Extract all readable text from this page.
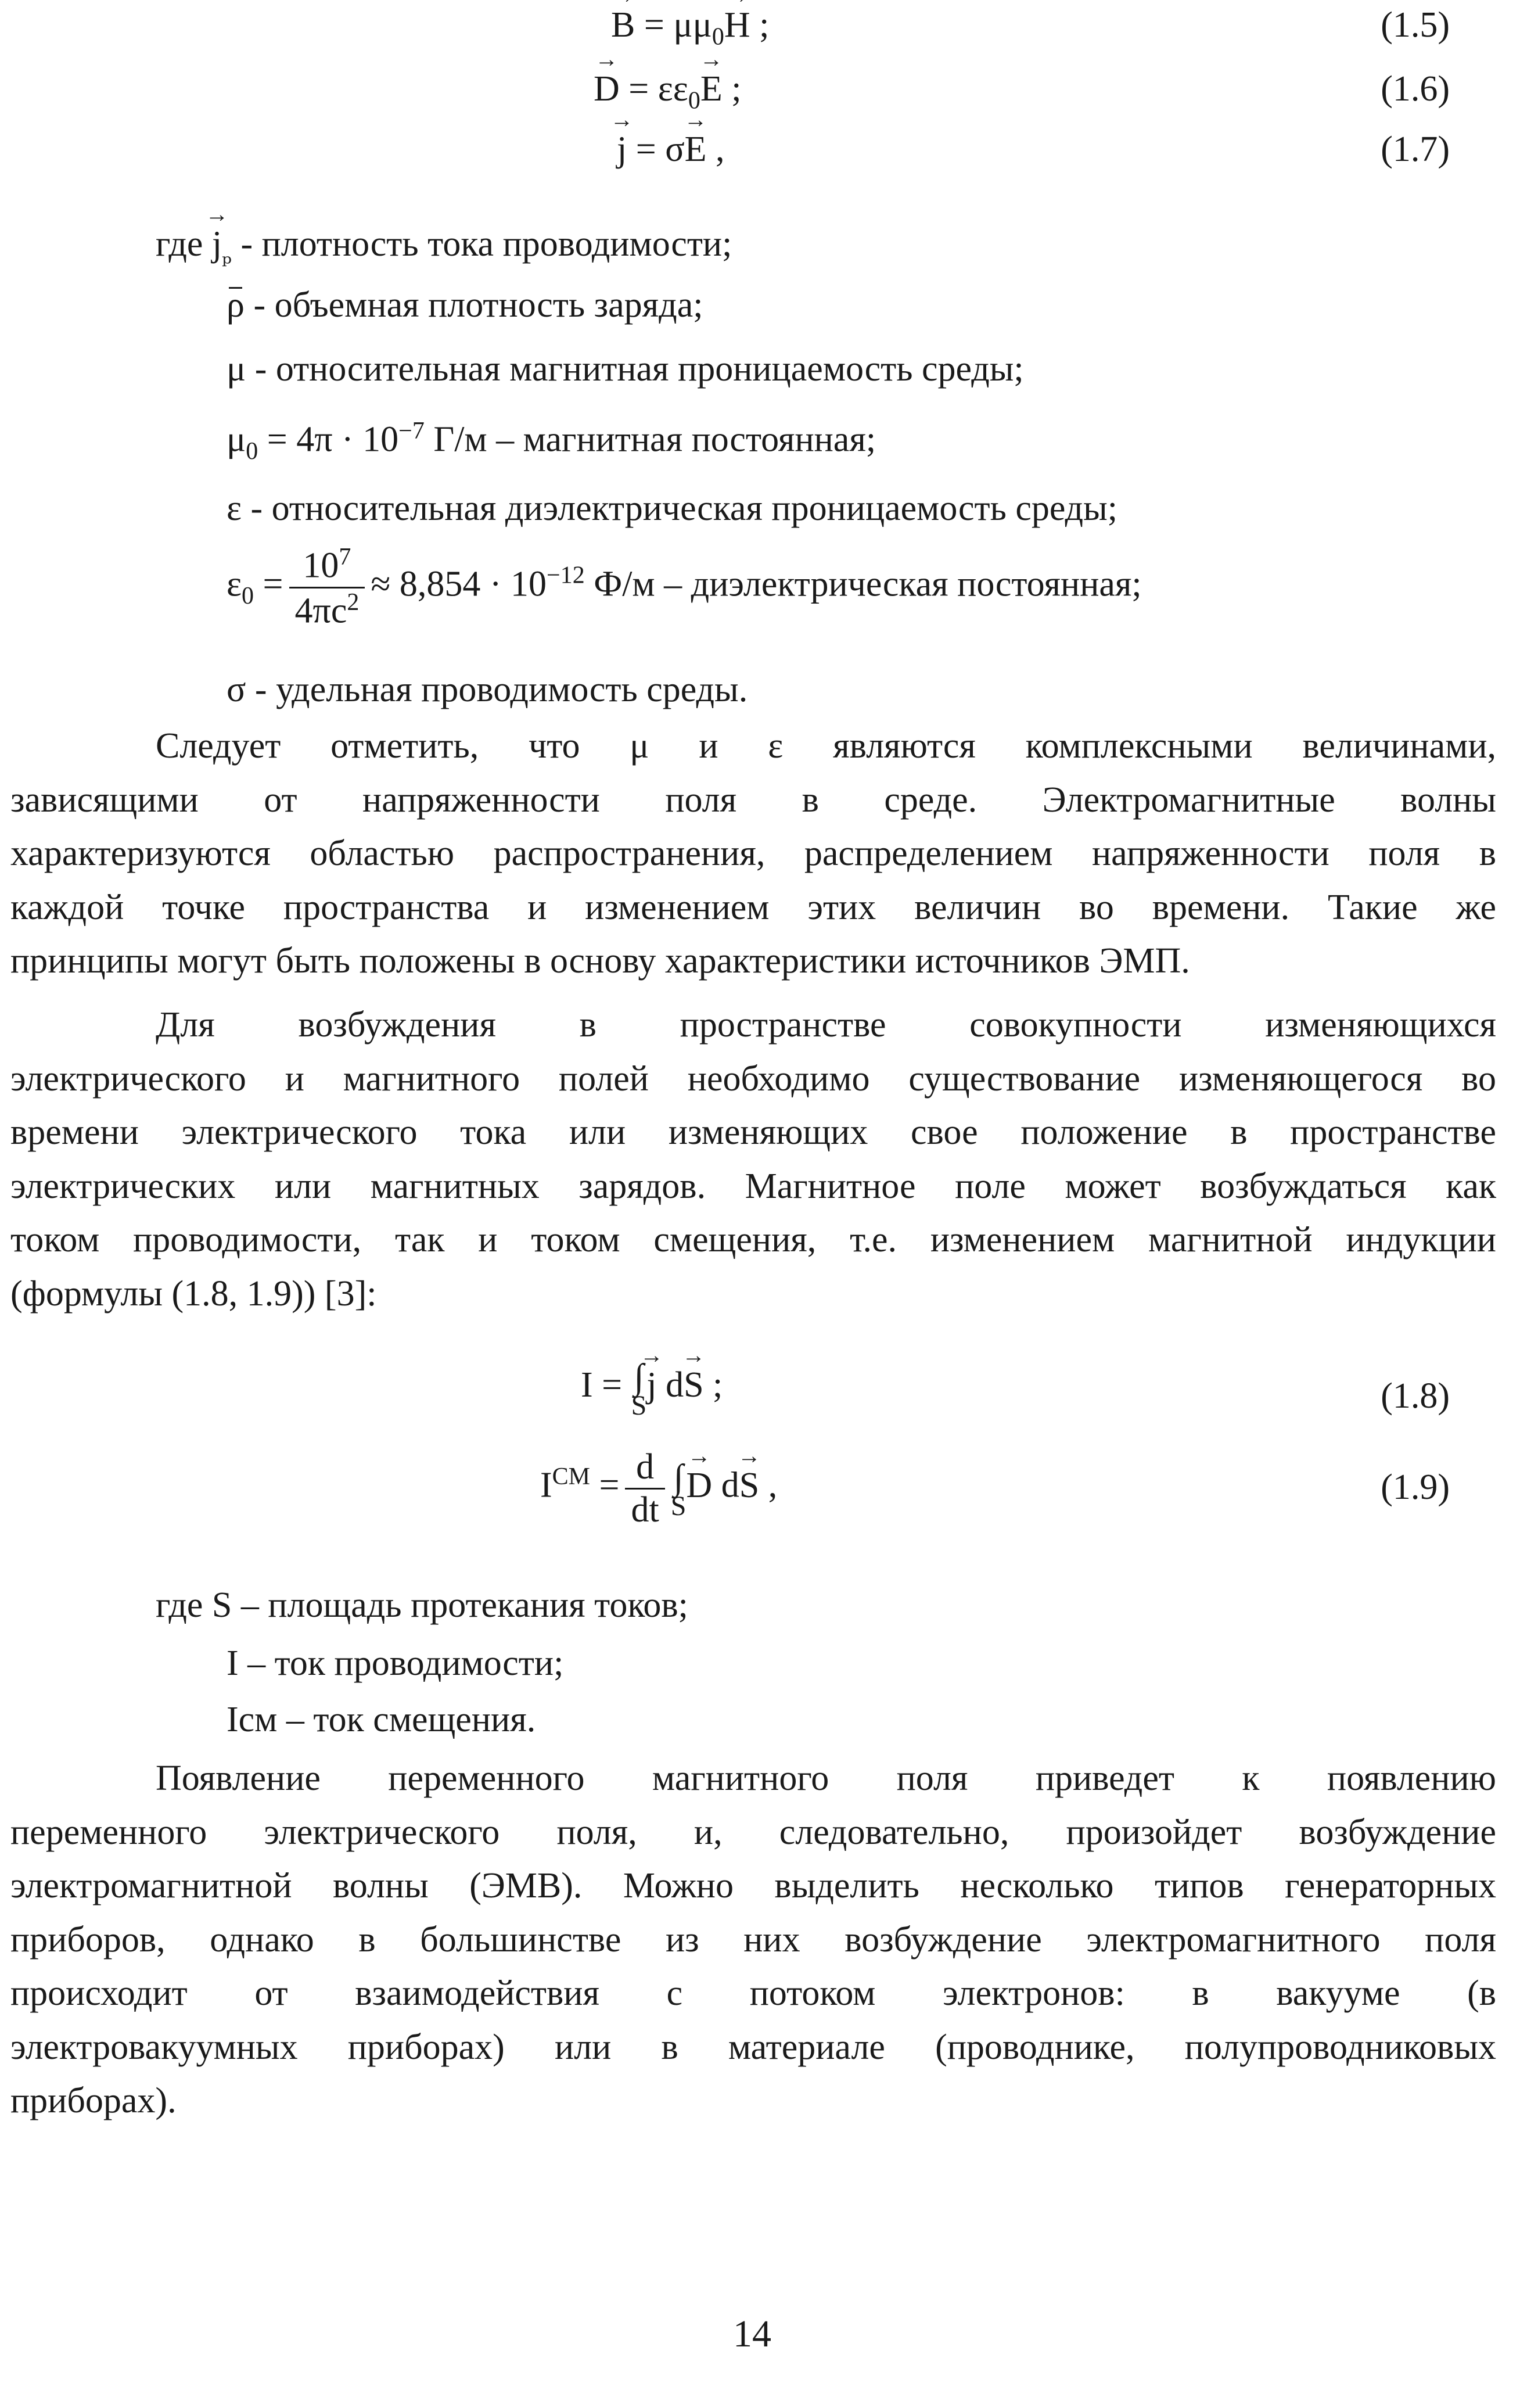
→ $B = \mu\mu_0\to H$ ;	(1.5)
→ $D = \varepsilon\varepsilon_0\to E$ ;	(1.6)
→ j = σ→ E ,	(1.7)
где → $j_{_p}$ - плотность тока проводимости;
ρ - объемная плотность заряда;
μ - относительная магнитная проницаемость среды;
$\mu_0 = 4\pi \cdot 10^{-7}$ Г/м – магнитная постоянная;
ε - относительная диэлектрическая проницаемость среды;
$\varepsilon_0 = \frac{10^7}{4\pi c^2} \approx 8,854 \cdot 10^{-12}$ Ф/м – диэлектрическая постоянная;
σ - удельная проводимость среды.
Следует отметить, что μ и ε являются комплексными величинами,
зависящими от напряженности поля в среде. Электромагнитные волны
характеризуются областью распространения, распределением напряженности поля в
каждой точке пространства и изменением этих величин во времени. Такие же
принципы могут быть положены в основу характеристики источников ЭМП.
Для возбуждения в пространстве совокупности изменяющихся
электрического и магнитного полей необходимо существование изменяющегося во
времени электрического тока или изменяющих свое положение в пространстве
электрических или магнитных зарядов. Магнитное поле может возбуждаться как
током проводимости, так и током смещения, т.е. изменением магнитной индукции
(формулы (1.8, 1.9)) [3]:
I = ∫
S
→ j d→ S ;	(1.8)
$I^{СМ} = \frac{d}{dt}$ ∫
S
→ D d→ S ,	(1.9)
где S – площадь протекания токов;
I – ток проводимости;
Iсм – ток смещения.
Появление переменного магнитного поля приведет к появлению
переменного электрического поля, и, следовательно, произойдет возбуждение
электромагнитной волны (ЭМВ). Можно выделить несколько типов генераторных
приборов, однако в большинстве из них возбуждение электромагнитного поля
происходит от взаимодействия с потоком электронов: в вакууме (в
электровакуумных приборах) или в материале (проводнике, полупроводниковых
приборах).
14
